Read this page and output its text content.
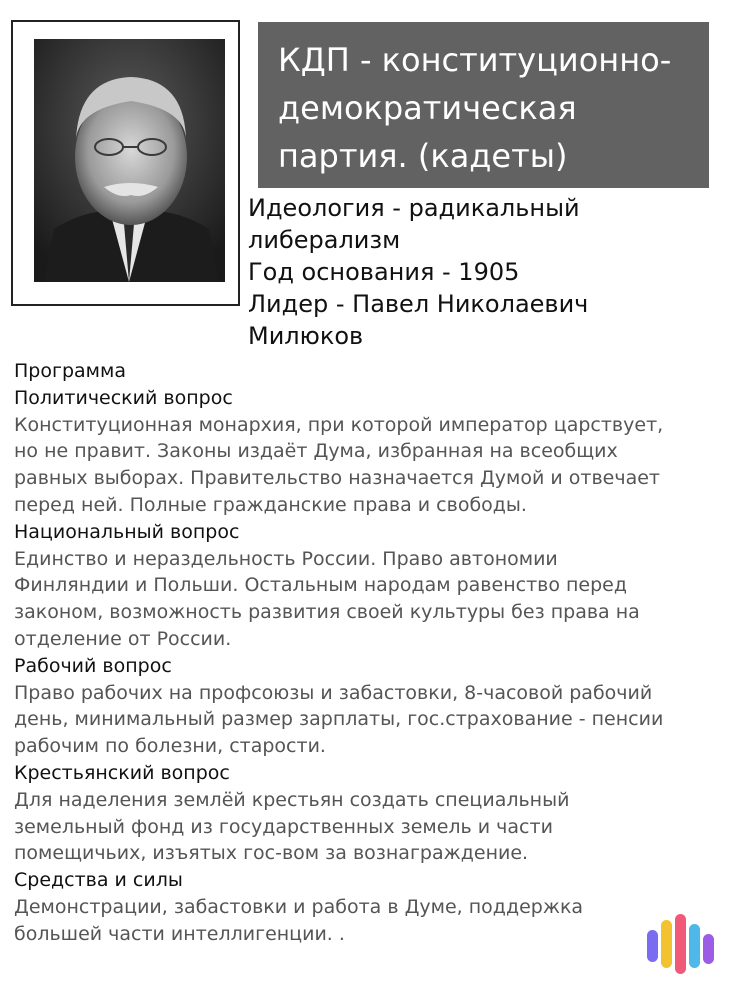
КДП - конституционно-демократическая партия. (кадеты)
Идеология - радикальный
либерализм
Год основания - 1905
Лидер - Павел Николаевич
Милюков
Программа
Политический вопрос
Конституционная монархия, при которой император царствует,
но не правит. Законы издаёт Дума, избранная на всеобщих
равных выборах. Правительство назначается Думой и отвечает
перед ней. Полные гражданские права и свободы.
Национальный вопрос
Единство и нераздельность России. Право автономии
Финляндии и Польши. Остальным народам равенство перед
законом, возможность развития своей культуры без права на
отделение от России.
Рабочий вопрос
Право рабочих на профсоюзы и забастовки, 8-часовой рабочий
день, минимальный размер зарплаты, гос.страхование - пенсии
рабочим по болезни, старости.
Крестьянский вопрос
Для наделения землёй крестьян создать специальный
земельный фонд из государственных земель и части
помещичьих, изъятых гос-вом за вознаграждение.
Средства и силы
Демонстрации, забастовки и работа в Думе, поддержка
большей части интеллигенции. .
